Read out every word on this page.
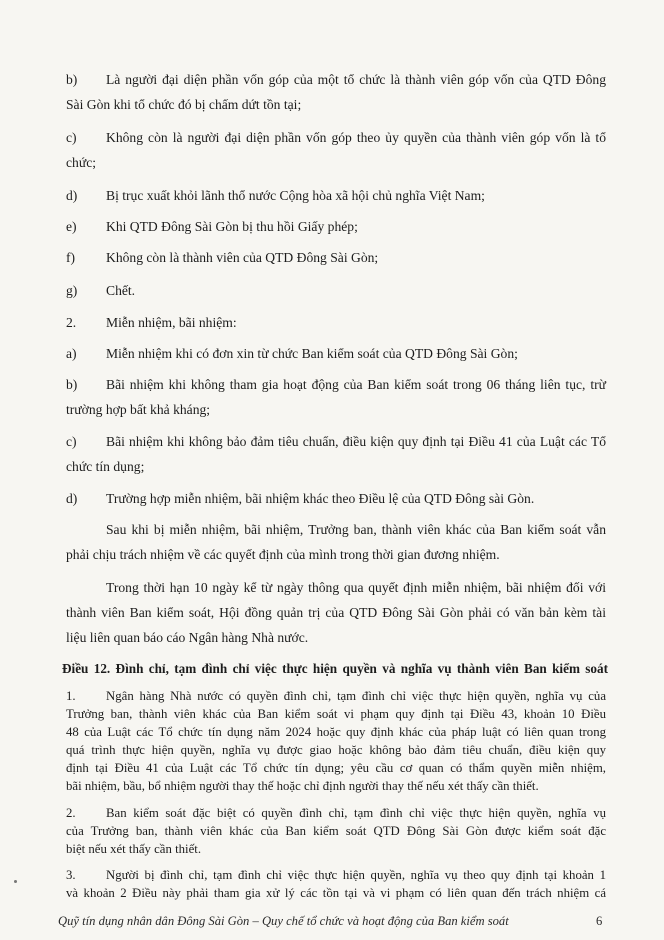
b) Là người đại diện phần vốn góp của một tổ chức là thành viên góp vốn của QTD Đông
Sài Gòn khi tổ chức đó bị chấm dứt tồn tại;
c) Không còn là người đại diện phần vốn góp theo ủy quyền của thành viên góp vốn là tổ
chức;
d) Bị trục xuất khỏi lãnh thổ nước Cộng hòa xã hội chủ nghĩa Việt Nam;
e) Khi QTD Đông Sài Gòn bị thu hồi Giấy phép;
f) Không còn là thành viên của QTD Đông Sài Gòn;
g) Chết.
2. Miễn nhiệm, bãi nhiệm:
a) Miễn nhiệm khi có đơn xin từ chức Ban kiểm soát của QTD Đông Sài Gòn;
b) Bãi nhiệm khi không tham gia hoạt động của Ban kiểm soát trong 06 tháng liên tục, trừ
trường hợp bất khả kháng;
c) Bãi nhiệm khi không bảo đảm tiêu chuẩn, điều kiện quy định tại Điều 41 của Luật các Tổ
chức tín dụng;
d) Trường hợp miễn nhiệm, bãi nhiệm khác theo Điều lệ của QTD Đông sài Gòn.
Sau khi bị miễn nhiệm, bãi nhiệm, Trưởng ban, thành viên khác của Ban kiểm soát vẫn
phải chịu trách nhiệm về các quyết định của mình trong thời gian đương nhiệm.
Trong thời hạn 10 ngày kể từ ngày thông qua quyết định miễn nhiệm, bãi nhiệm đối với
thành viên Ban kiểm soát, Hội đồng quản trị của QTD Đông Sài Gòn phải có văn bản kèm tài
liệu liên quan báo cáo Ngân hàng Nhà nước.
Điều 12. Đình chỉ, tạm đình chỉ việc thực hiện quyền và nghĩa vụ thành viên Ban kiểm soát
1. Ngân hàng Nhà nước có quyền đình chỉ, tạm đình chỉ việc thực hiện quyền, nghĩa vụ của
Trưởng ban, thành viên khác của Ban kiểm soát vi phạm quy định tại Điều 43, khoản 10 Điều
48 của Luật các Tổ chức tín dụng năm 2024 hoặc quy định khác của pháp luật có liên quan trong
quá trình thực hiện quyền, nghĩa vụ được giao hoặc không bảo đảm tiêu chuẩn, điều kiện quy
định tại Điều 41 của Luật các Tổ chức tín dụng; yêu cầu cơ quan có thẩm quyền miễn nhiệm,
bãi nhiệm, bầu, bổ nhiệm người thay thế hoặc chỉ định người thay thế nếu xét thấy cần thiết.
2. Ban kiểm soát đặc biệt có quyền đình chỉ, tạm đình chỉ việc thực hiện quyền, nghĩa vụ
của Trưởng ban, thành viên khác của Ban kiểm soát QTD Đông Sài Gòn được kiểm soát đặc
biệt nếu xét thấy cần thiết.
3. Người bị đình chỉ, tạm đình chỉ việc thực hiện quyền, nghĩa vụ theo quy định tại khoản 1
và khoản 2 Điều này phải tham gia xử lý các tồn tại và vi phạm có liên quan đến trách nhiệm cá
Quỹ tín dụng nhân dân Đông Sài Gòn – Quy chế tổ chức và hoạt động của Ban kiểm soát	6
